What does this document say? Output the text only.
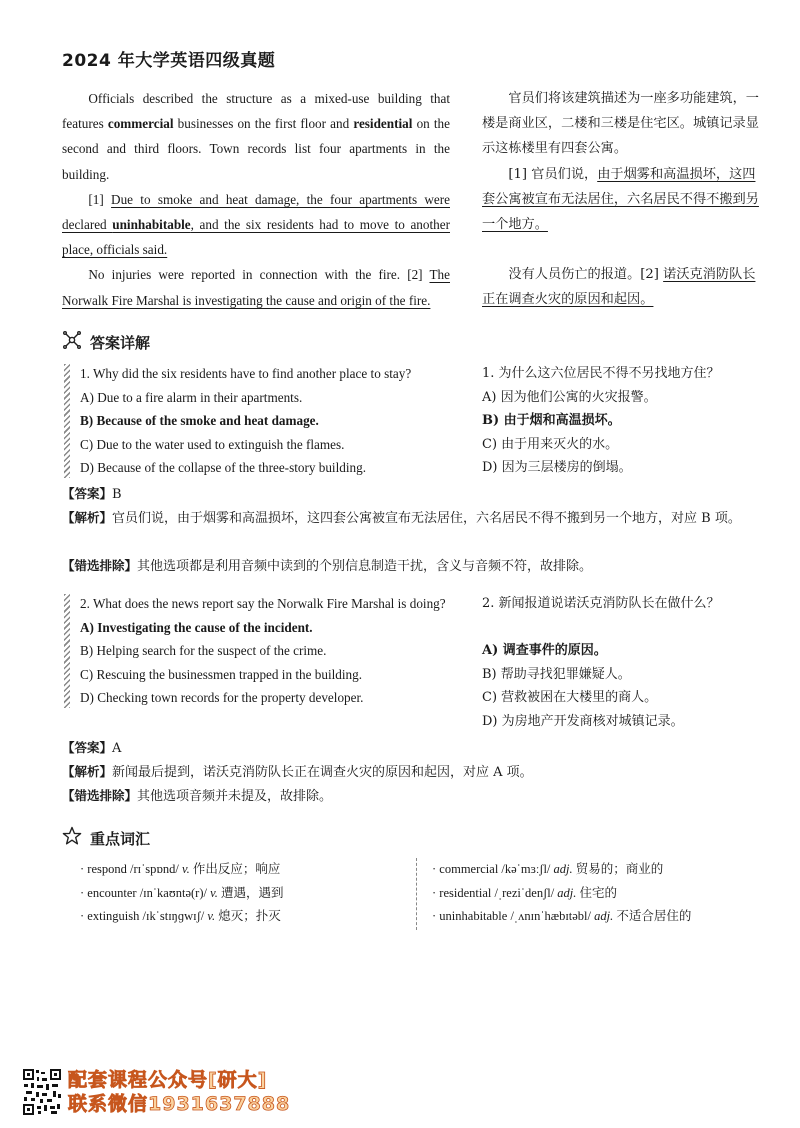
2024 年大学英语四级真题

Officials described the structure as a mixed-use building that features commercial businesses on the first floor and residential on the second and third floors. Town records list four apartments in the building.

[1] Due to smoke and heat damage, the four apartments were declared uninhabitable, and the six residents had to move to another place, officials said.

No injuries were reported in connection with the fire. [2] The Norwalk Fire Marshal is investigating the cause and origin of the fire.

官员们将该建筑描述为一座多功能建筑，一楼是商业区，二楼和三楼是住宅区。城镇记录显示这栋楼里有四套公寓。

[1] 官员们说，由于烟雾和高温损坏，这四套公寓被宣布无法居住，六名居民不得不搬到另一个地方。

没有人员伤亡的报道。[2] 诺沃克消防队长正在调查火灾的原因和起因。

答案详解
1. Why did the six residents have to find another place to stay?
A) Due to a fire alarm in their apartments.
B) Because of the smoke and heat damage.
C) Due to the water used to extinguish the flames.
D) Because of the collapse of the three-story building.
1. 为什么这六位居民不得不另找地方住？
A) 因为他们公寓的火灾报警。
B) 由于烟和高温损坏。
C) 由于用来灭火的水。
D) 因为三层楼房的倒塌。
【答案】B
【解析】官员们说，由于烟雾和高温损坏，这四套公寓被宣布无法居住，六名居民不得不搬到另一个地方，对应 B 项。
【错选排除】其他选项都是利用音频中读到的个别信息制造干扰，含义与音频不符，故排除。
2. What does the news report say the Norwalk Fire Marshal is doing?
A) Investigating the cause of the incident.
B) Helping search for the suspect of the crime.
C) Rescuing the businessmen trapped in the building.
D) Checking town records for the property developer.
2. 新闻报道说诺沃克消防队长在做什么？
A) 调查事件的原因。
B) 帮助寻找犯罪嫌疑人。
C) 营救被困在大楼里的商人。
D) 为房地产开发商核对城镇记录。
【答案】A
【解析】新闻最后提到，诺沃克消防队长正在调查火灾的原因和起因，对应 A 项。
【错选排除】其他选项音频并未提及，故排除。
重点词汇
· respond /rɪˈspɒnd/ v. 作出反应；响应
· encounter /ɪnˈkaʊntə(r)/ v. 遭遇，遇到
· extinguish /ɪkˈstɪŋɡwɪʃ/ v. 熄灭；扑灭
· commercial /kəˈmɜːʃl/ adj. 贸易的；商业的
· residential /ˌreziˈdenʃl/ adj. 住宅的
· uninhabitable /ˌʌnɪnˈhæbɪtəbl/ adj. 不适合居住的
配套课程公众号[研大]
联系微信1931637888
